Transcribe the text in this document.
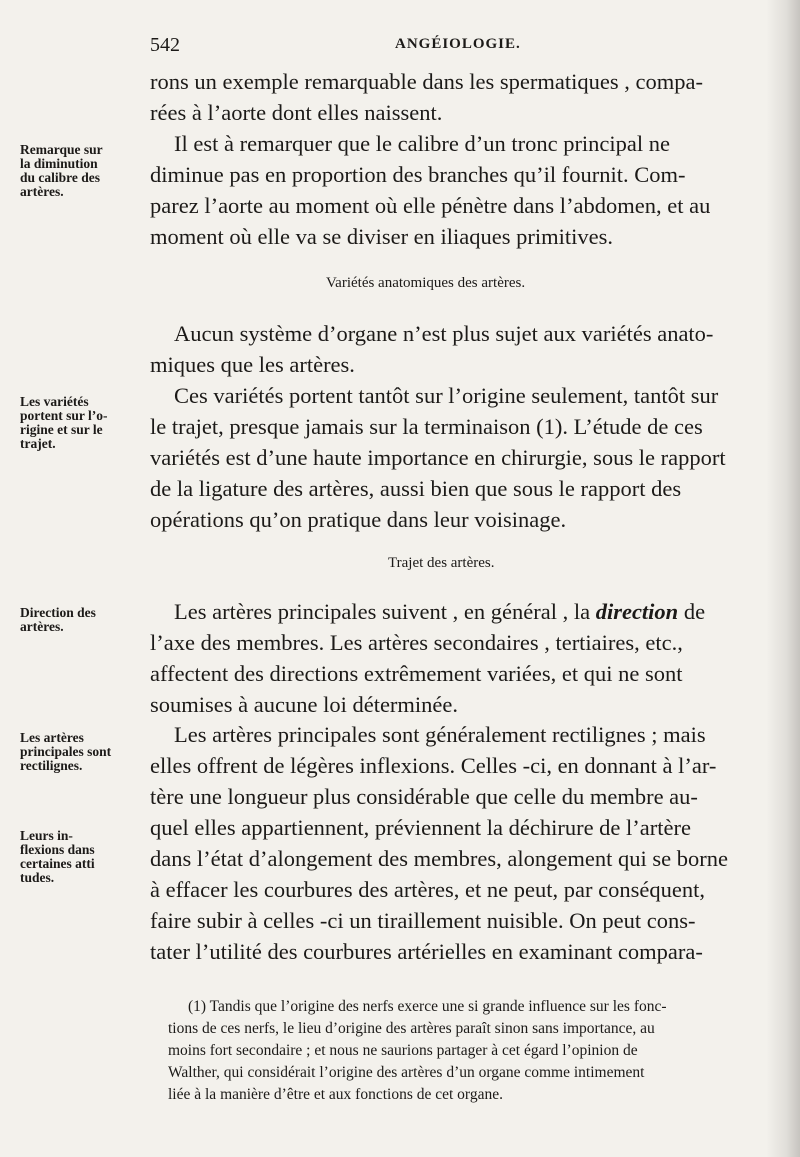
542	ANGÉIOLOGIE.
rons un exemple remarquable dans les spermatiques , compa-
rées à l’aorte dont elles naissent.
Il est à remarquer que le calibre d’un tronc principal ne
diminue pas en proportion des branches qu’il fournit. Com-
parez l’aorte au moment où elle pénètre dans l’abdomen, et au
moment où elle va se diviser en iliaques primitives.
Remarque sur
la diminution
du calibre des
artères.
Variétés anatomiques des artères.
Aucun système d’organe n’est plus sujet aux variétés anato-
miques que les artères.
Ces variétés portent tantôt sur l’origine seulement, tantôt sur
le trajet, presque jamais sur la terminaison (1). L’étude de ces
variétés est d’une haute importance en chirurgie, sous le rapport
de la ligature des artères, aussi bien que sous le rapport des
opérations qu’on pratique dans leur voisinage.
Les variétés
portent sur l’o-
rigine et sur le
trajet.
Trajet des artères.
Les artères principales suivent , en général , la direction de
l’axe des membres. Les artères secondaires , tertiaires, etc.,
affectent des directions extrêmement variées, et qui ne sont
soumises à aucune loi déterminée.
Direction des
artères.
Les artères principales sont généralement rectilignes ; mais
elles offrent de légères inflexions. Celles -ci, en donnant à l’ar-
tère une longueur plus considérable que celle du membre au-
quel elles appartiennent, préviennent la déchirure de l’artère
dans l’état d’alongement des membres, alongement qui se borne
à effacer les courbures des artères, et ne peut, par conséquent,
faire subir à celles -ci un tiraillement nuisible. On peut cons-
tater l’utilité des courbures artérielles en examinant compara-
Les artères
principales sont
rectilignes.
Leurs in-
flexions dans
certaines atti
tudes.
(1) Tandis que l’origine des nerfs exerce une si grande influence sur les fonc-
tions de ces nerfs, le lieu d’origine des artères paraît sinon sans importance, au
moins fort secondaire ; et nous ne saurions partager à cet égard l’opinion de
Walther, qui considérait l’origine des artères d’un organe comme intimement
liée à la manière d’être et aux fonctions de cet organe.
